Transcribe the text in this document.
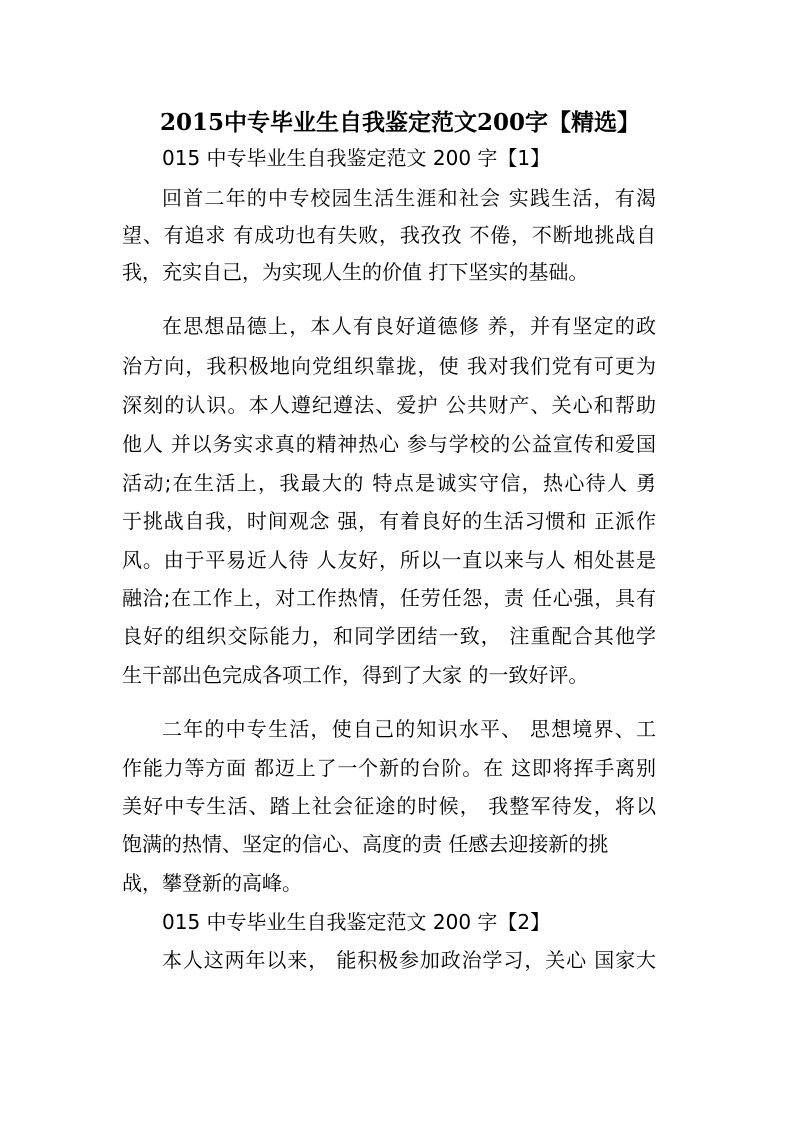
2015中专毕业生自我鉴定范文200字【精选】
015 中专毕业生自我鉴定范文 200 字【1】
回首二年的中专校园生活生涯和社会 实践生活，有渴
望、有追求 有成功也有失败，我孜孜 不倦，不断地挑战自
我，充实自己，为实现人生的价值 打下坚实的基础。
在思想品德上，本人有良好道德修 养，并有坚定的政
治方向，我积极地向党组织靠拢，使 我对我们党有可更为
深刻的认识。本人遵纪遵法、爱护 公共财产、关心和帮助
他人 并以务实求真的精神热心 参与学校的公益宣传和爱国
活动;在生活上，我最大的 特点是诚实守信，热心待人 勇
于挑战自我，时间观念 强，有着良好的生活习惯和 正派作
风。由于平易近人待 人友好，所以一直以来与人 相处甚是
融洽;在工作上，对工作热情，任劳任怨，责 任心强，具有
良好的组织交际能力，和同学团结一致， 注重配合其他学
生干部出色完成各项工作，得到了大家 的一致好评。
二年的中专生活，使自己的知识水平、 思想境界、工
作能力等方面 都迈上了一个新的台阶。在 这即将挥手离别
美好中专生活、踏上社会征途的时候， 我整军待发，将以
饱满的热情、坚定的信心、高度的责 任感去迎接新的挑
战，攀登新的高峰。
015 中专毕业生自我鉴定范文 200 字【2】
本人这两年以来， 能积极参加政治学习，关心 国家大
